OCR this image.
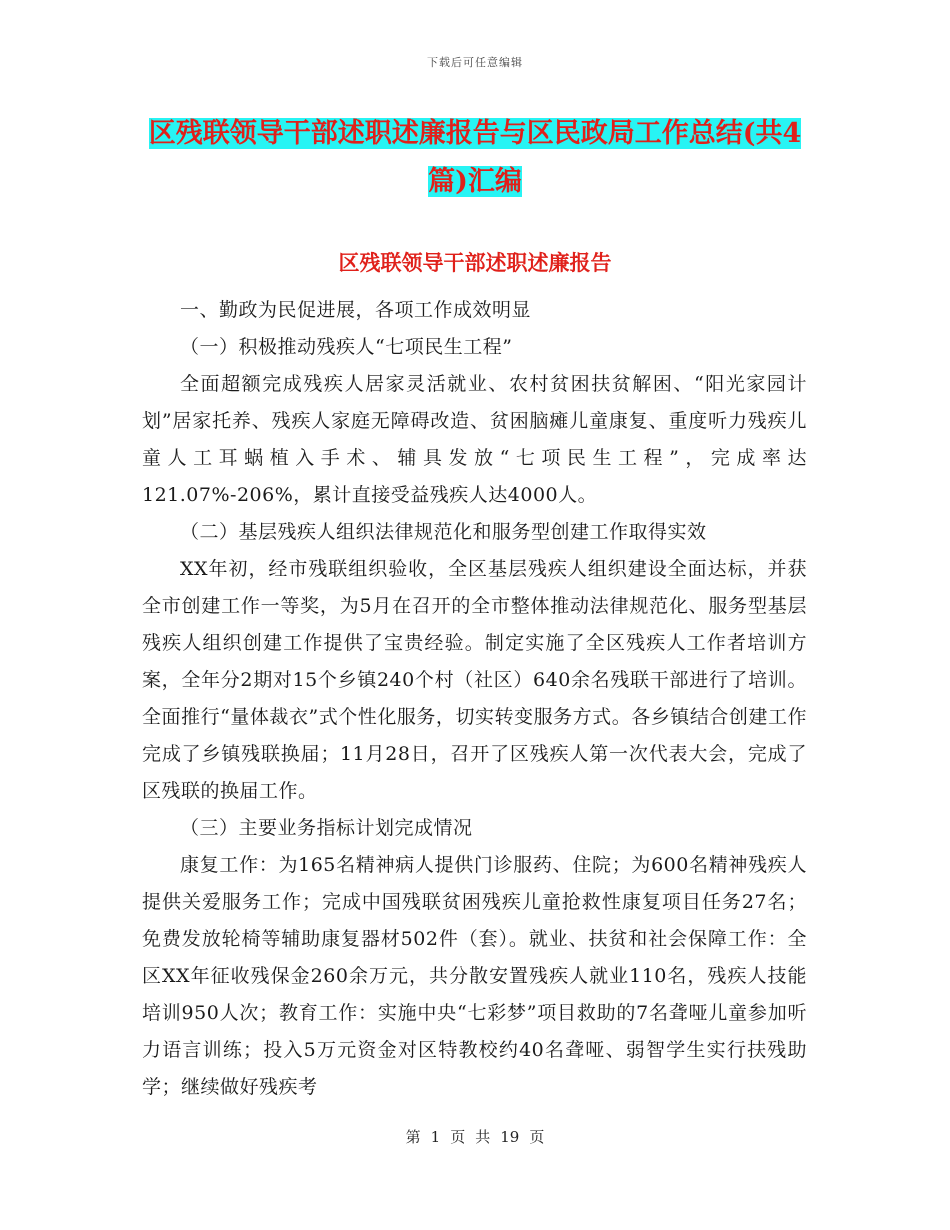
下载后可任意编辑
区残联领导干部述职述廉报告与区民政局工作总结(共4篇)汇编
区残联领导干部述职述廉报告

一、勤政为民促进展，各项工作成效明显

（一）积极推动残疾人“七项民生工程”

全面超额完成残疾人居家灵活就业、农村贫困扶贫解困、“阳光家园计划”居家托养、残疾人家庭无障碍改造、贫困脑瘫儿童康复、重度听力残疾儿童人工耳蜗植入手术、辅具发放“七项民生工程”，完成率达121.07%-206%，累计直接受益残疾人达4000人。

（二）基层残疾人组织法律规范化和服务型创建工作取得实效

XX年初，经市残联组织验收，全区基层残疾人组织建设全面达标，并获全市创建工作一等奖，为5月在召开的全市整体推动法律规范化、服务型基层残疾人组织创建工作提供了宝贵经验。制定实施了全区残疾人工作者培训方案，全年分2期对15个乡镇240个村（社区）640余名残联干部进行了培训。全面推行“量体裁衣”式个性化服务，切实转变服务方式。各乡镇结合创建工作完成了乡镇残联换届；11月28日，召开了区残疾人第一次代表大会，完成了区残联的换届工作。

（三）主要业务指标计划完成情况

康复工作：为165名精神病人提供门诊服药、住院；为600名精神残疾人提供关爱服务工作；完成中国残联贫困残疾儿童抢救性康复项目任务27名；免费发放轮椅等辅助康复器材502件（套）。就业、扶贫和社会保障工作：全区XX年征收残保金260余万元，共分散安置残疾人就业110名，残疾人技能培训950人次；教育工作：实施中央“七彩梦”项目救助的7名聋哑儿童参加听力语言训练；投入5万元资金对区特教校约40名聋哑、弱智学生实行扶残助学；继续做好残疾考

第 1 页 共 19 页
